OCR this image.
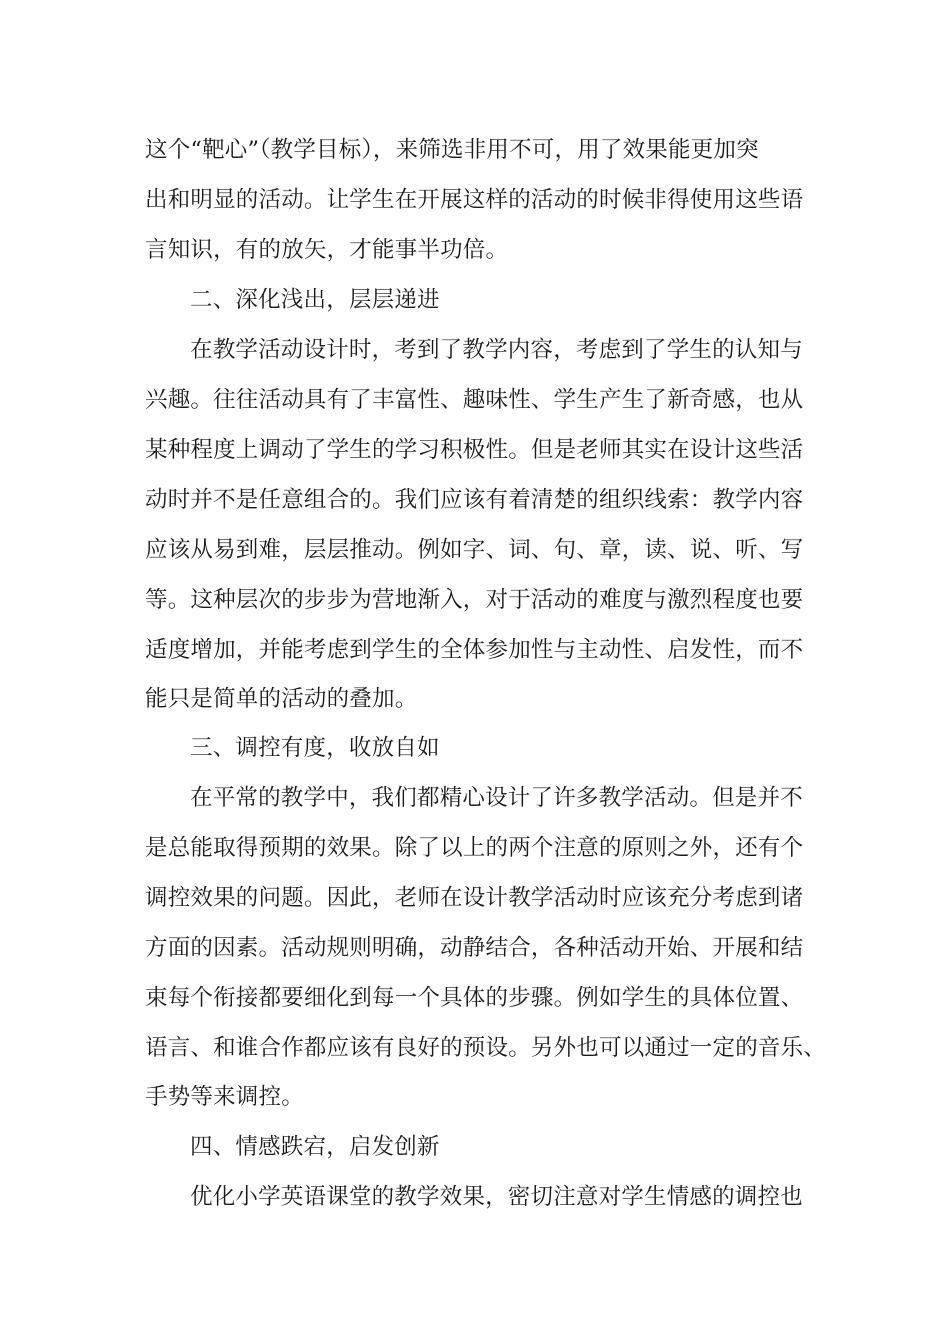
这个“靶心”（教学目标），来筛选非用不可，用了效果能更加突
出和明显的活动。让学生在开展这样的活动的时候非得使用这些语
言知识，有的放矢，才能事半功倍。
二、深化浅出，层层递进
在教学活动设计时，考到了教学内容，考虑到了学生的认知与
兴趣。往往活动具有了丰富性、趣味性、学生产生了新奇感，也从
某种程度上调动了学生的学习积极性。但是老师其实在设计这些活
动时并不是任意组合的。我们应该有着清楚的组织线索：教学内容
应该从易到难，层层推动。例如字、词、句、章，读、说、听、写
等。这种层次的步步为营地渐入，对于活动的难度与激烈程度也要
适度增加，并能考虑到学生的全体参加性与主动性、启发性，而不
能只是简单的活动的叠加。
三、调控有度，收放自如
在平常的教学中，我们都精心设计了许多教学活动。但是并不
是总能取得预期的效果。除了以上的两个注意的原则之外，还有个
调控效果的问题。因此，老师在设计教学活动时应该充分考虑到诸
方面的因素。活动规则明确，动静结合，各种活动开始、开展和结
束每个衔接都要细化到每一个具体的步骤。例如学生的具体位置、
语言、和谁合作都应该有良好的预设。另外也可以通过一定的音乐、
手势等来调控。
四、情感跌宕，启发创新
优化小学英语课堂的教学效果，密切注意对学生情感的调控也
